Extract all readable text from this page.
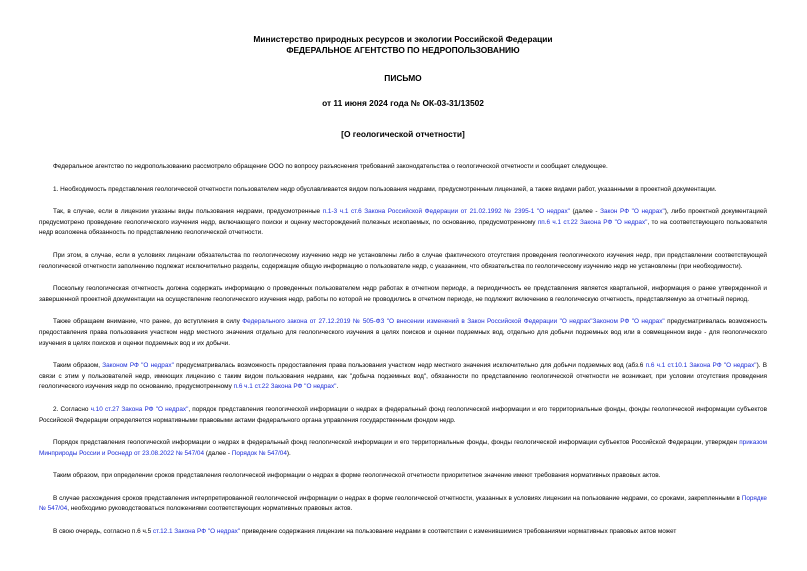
Министерство природных ресурсов и экологии Российской Федерации
ФЕДЕРАЛЬНОЕ АГЕНТСТВО ПО НЕДРОПОЛЬЗОВАНИЮ
ПИСЬМО
от 11 июня 2024 года № ОК-03-31/13502
[О геологической отчетности]

Федеральное агентство по недропользованию рассмотрело обращение ООО по вопросу разъяснения требований законодательства о геологической отчетности и сообщает следующее.

1. Необходимость представления геологической отчетности пользователем недр обуславливается видом пользования недрами, предусмотренным лицензией, а также видами работ, указанными в проектной документации.

Так, в случае, если в лицензии указаны виды пользования недрами, предусмотренные п.1-3 ч.1 ст.6 Закона Российской Федерации от 21.02.1992 № 2395-1 "О недрах" (далее - Закон РФ "О недрах"), либо проектной документацией предусмотрено проведение геологического изучения недр, включающего поиски и оценку месторождений полезных ископаемых, по основанию, предусмотренному пп.6 ч.1 ст.22 Закона РФ "О недрах", то на соответствующего пользователя недр возложена обязанность по представлению геологической отчетности.

При этом, в случае, если в условиях лицензии обязательства по геологическому изучению недр не установлены либо в случае фактического отсутствия проведения геологического изучения недр, при представлении соответствующей геологической отчетности заполнению подлежат исключительно разделы, содержащие общую информацию о пользователе недр, с указанием, что обязательства по геологическому изучению недр не установлены (при необходимости).

Поскольку геологическая отчетность должна содержать информацию о проведенных пользователем недр работах в отчетном периоде, а периодичность ее представления является квартальной, информация о ранее утвержденной и завершенной проектной документации на осуществление геологического изучения недр, работы по которой не проводились в отчетном периоде, не подлежит включению в геологическую отчетность, представляемую за отчетный период.

Также обращаем внимание, что ранее, до вступления в силу Федерального закона от 27.12.2019 № 505-ФЗ "О внесении изменений в Закон Российской Федерации "О недрах"Законом РФ "О недрах" предусматривалась возможность предоставления права пользования участком недр местного значения отдельно для геологического изучения в целях поисков и оценки подземных вод, отдельно для добычи подземных вод или в совмещенном виде - для геологического изучения в целях поисков и оценки подземных вод и их добычи.

Таким образом, Законом РФ "О недрах" предусматривалась возможность предоставления права пользования участком недр местного значения исключительно для добычи подземных вод (абз.6 п.6 ч.1 ст.10.1 Закона РФ "О недрах"). В связи с этим у пользователей недр, имеющих лицензию с таким видом пользования недрами, как "добыча подземных вод", обязанности по представлению геологической отчетности не возникает, при условии отсутствия проведения геологического изучения недр по основанию, предусмотренному п.6 ч.1 ст.22 Закона РФ "О недрах".

2. Согласно ч.10 ст.27 Закона РФ "О недрах", порядок представления геологической информации о недрах в федеральный фонд геологической информации и его территориальные фонды, фонды геологической информации субъектов Российской Федерации определяется нормативными правовыми актами федерального органа управления государственным фондом недр.

Порядок представления геологической информации о недрах в федеральный фонд геологической информации и его территориальные фонды, фонды геологической информации субъектов Российской Федерации, утвержден приказом Минприроды России и Роснедр от 23.08.2022 № 547/04 (далее - Порядок № 547/04).

Таким образом, при определении сроков представления геологической информации о недрах в форме геологической отчетности приоритетное значение имеют требования нормативных правовых актов.

В случае расхождения сроков представления интерпретированной геологической информации о недрах в форме геологической отчетности, указанных в условиях лицензии на пользование недрами, со сроками, закрепленными в Порядке № 547/04, необходимо руководствоваться положениями соответствующих нормативных правовых актов.

В свою очередь, согласно п.6 ч.5 ст.12.1 Закона РФ "О недрах" приведение содержания лицензии на пользование недрами в соответствии с изменившимися требованиями нормативных правовых актов может
